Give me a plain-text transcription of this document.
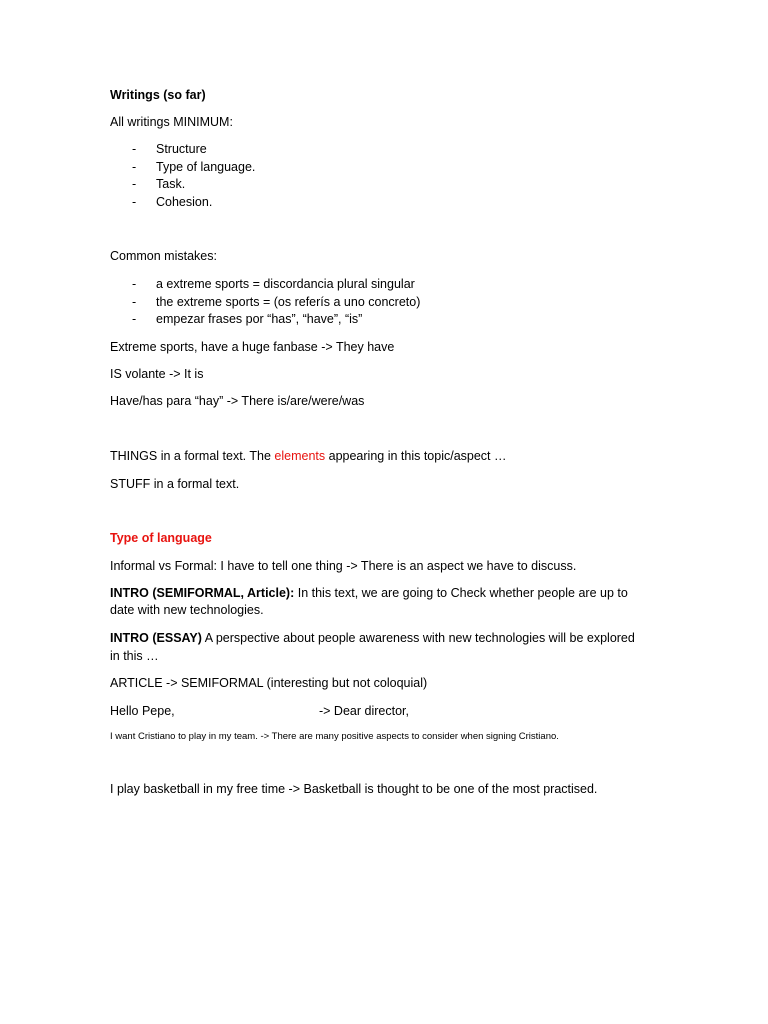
Writings (so far)
All writings MINIMUM:
- Structure
- Type of language.
- Task.
- Cohesion.
Common mistakes:
- a extreme sports = discordancia plural singular
- the extreme sports = (os referís a uno concreto)
- empezar frases por “has”, “have”, “is”
Extreme sports, have a huge fanbase -> They have
IS volante -> It is
Have/has para “hay” -> There is/are/were/was
THINGS in a formal text. The elements appearing in this topic/aspect …
STUFF in a formal text.
Type of language
Informal vs Formal: I have to tell one thing -> There is an aspect we have to discuss.
INTRO (SEMIFORMAL, Article): In this text, we are going to Check whether people are up to
date with new technologies.
INTRO (ESSAY) A perspective about people awareness with new technologies will be explored
in this …
ARTICLE -> SEMIFORMAL (interesting but not coloquial)
Hello Pepe,	-> Dear director,
I want Cristiano to play in my team. -> There are many positive aspects to consider when signing Cristiano.
I play basketball in my free time -> Basketball is thought to be one of the most practised.
